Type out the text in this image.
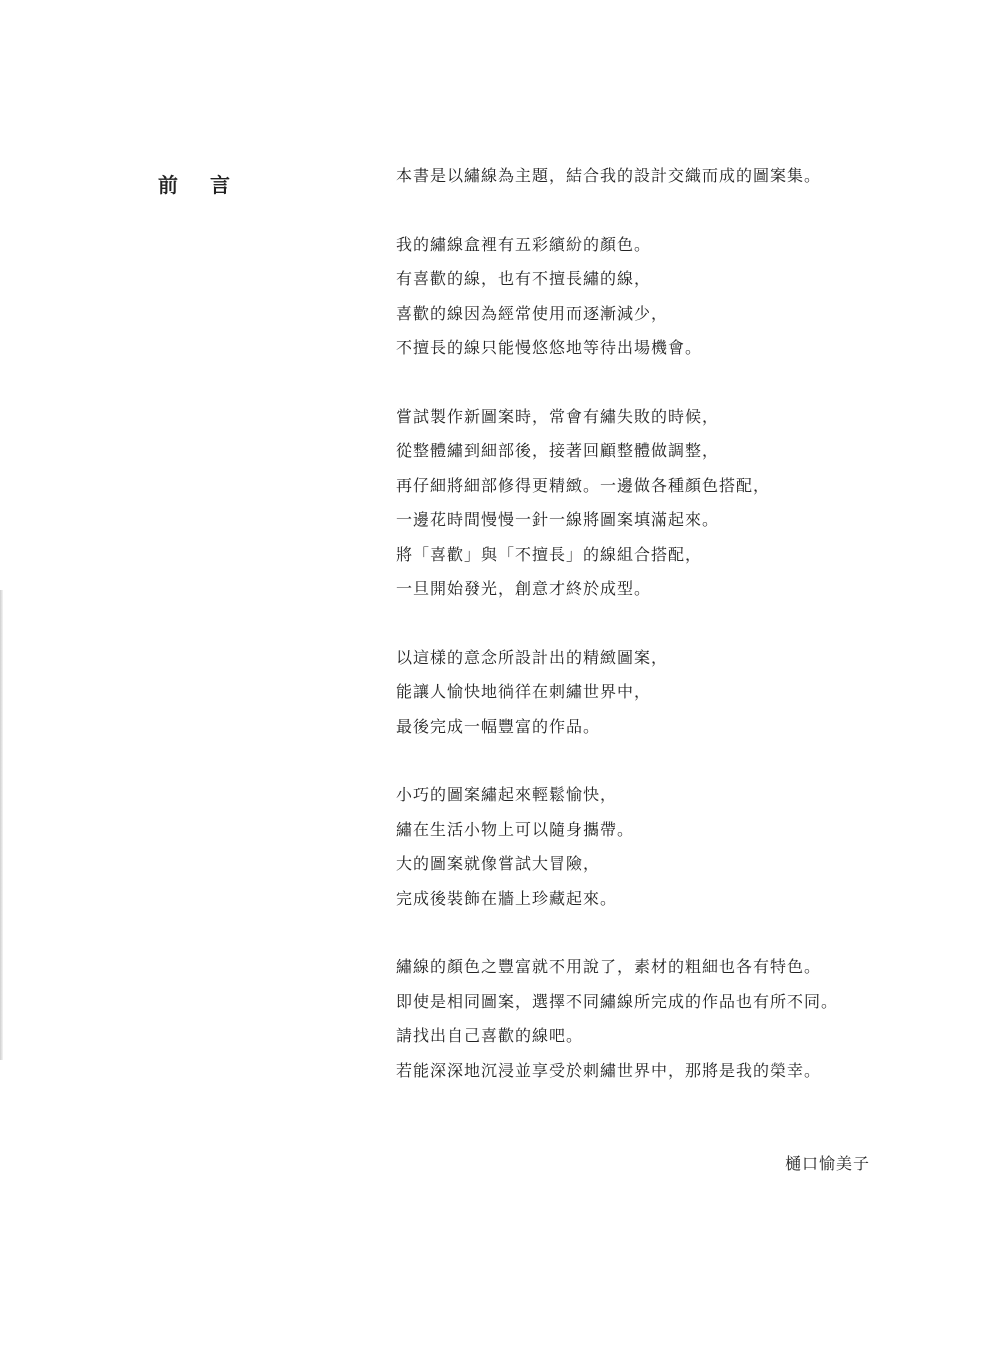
前言	本書是以繡線為主題，結合我的設計交織而成的圖案集。
我的繡線盒裡有五彩繽紛的顏色。
有喜歡的線，也有不擅長繡的線，
喜歡的線因為經常使用而逐漸減少，
不擅長的線只能慢悠悠地等待出場機會。
嘗試製作新圖案時，常會有繡失敗的時候，
從整體繡到細部後，接著回顧整體做調整，
再仔細將細部修得更精緻。一邊做各種顏色搭配，
一邊花時間慢慢一針一線將圖案填滿起來。
將「喜歡」與「不擅長」的線組合搭配，
一旦開始發光，創意才終於成型。
以這樣的意念所設計出的精緻圖案，
能讓人愉快地徜徉在刺繡世界中，
最後完成一幅豐富的作品。
小巧的圖案繡起來輕鬆愉快，
繡在生活小物上可以隨身攜帶。
大的圖案就像嘗試大冒險，
完成後裝飾在牆上珍藏起來。
繡線的顏色之豐富就不用說了，素材的粗細也各有特色。
即使是相同圖案，選擇不同繡線所完成的作品也有所不同。
請找出自己喜歡的線吧。
若能深深地沉浸並享受於刺繡世界中，那將是我的榮幸。
樋口愉美子
